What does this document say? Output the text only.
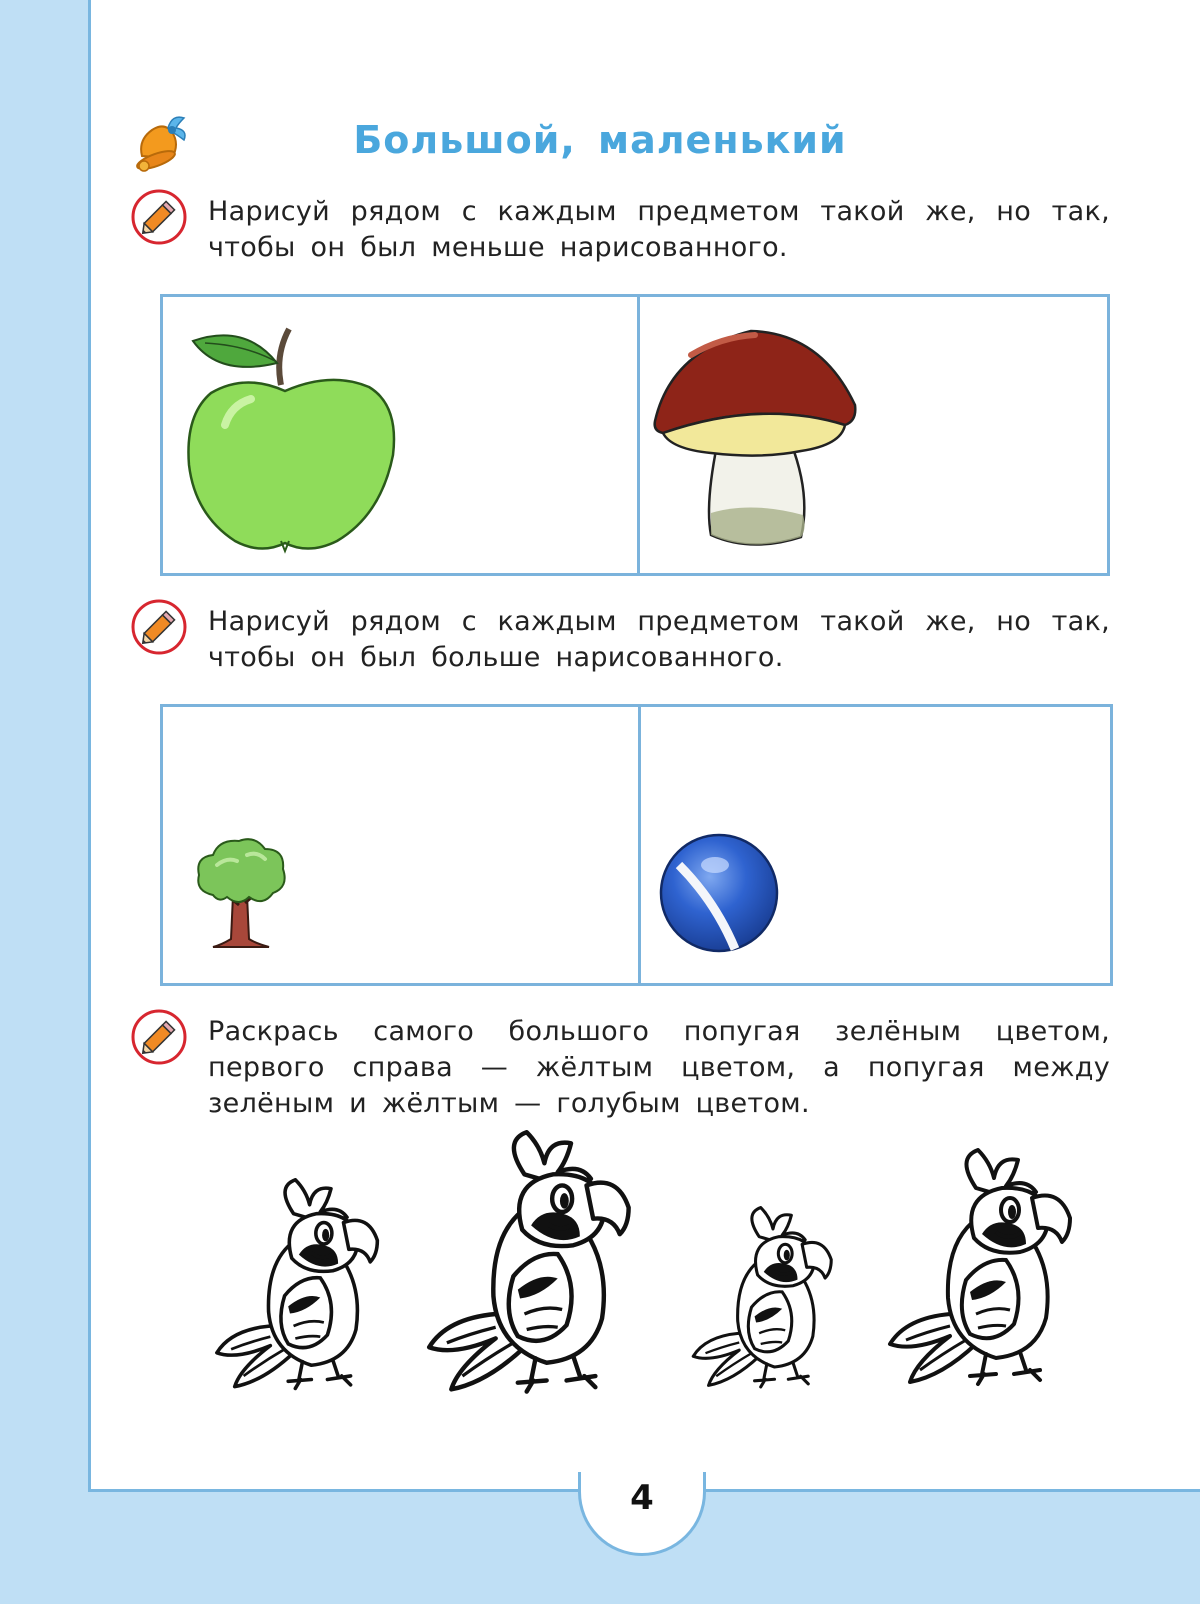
Большой, маленький
Нарисуй рядом с каждым предметом такой же, но так, чтобы он был меньше нарисованного.
Нарисуй рядом с каждым предметом такой же, но так, чтобы он был больше нарисованного.
Раскрась самого большого попугая зелёным цветом, первого справа — жёлтым цветом, а попугая между зелёным и жёлтым — голубым цветом.
4
